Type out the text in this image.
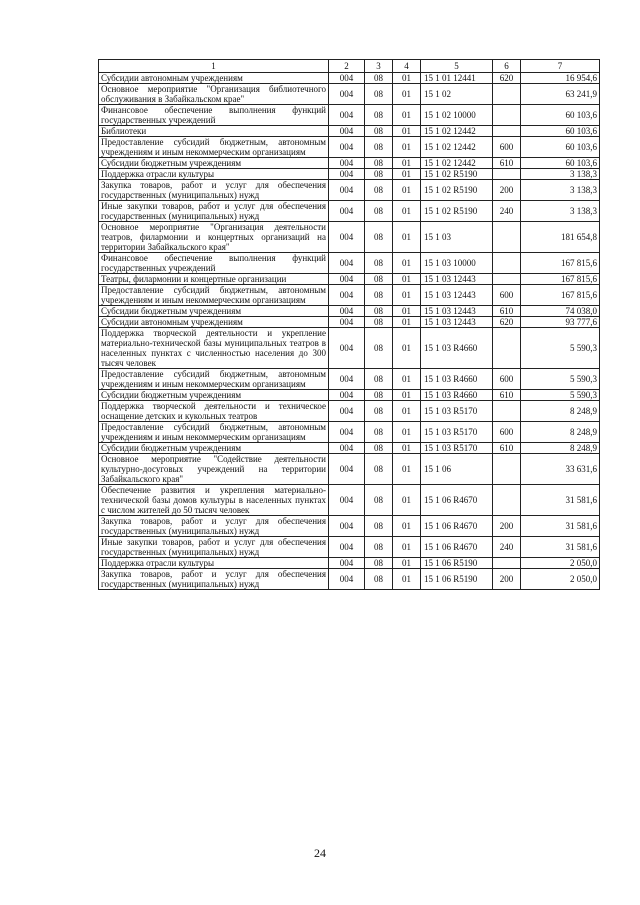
1	2	3	4	5	6	7
Субсидии автономным учреждениям	004	08	01	15 1 01 12441	620	16 954,6
Основное мероприятие "Организация библиотечного обслуживания в Забайкальском крае"	004	08	01	15 1 02		63 241,9
Финансовое обеспечение выполнения функций государственных учреждений	004	08	01	15 1 02 10000		60 103,6
Библиотеки	004	08	01	15 1 02 12442		60 103,6
Предоставление субсидий бюджетным, автономным учреждениям и иным некоммерческим организациям	004	08	01	15 1 02 12442	600	60 103,6
Субсидии бюджетным учреждениям	004	08	01	15 1 02 12442	610	60 103,6
Поддержка отрасли культуры	004	08	01	15 1 02 R5190		3 138,3
Закупка товаров, работ и услуг для обеспечения государственных (муниципальных) нужд	004	08	01	15 1 02 R5190	200	3 138,3
Иные закупки товаров, работ и услуг для обеспечения государственных (муниципальных) нужд	004	08	01	15 1 02 R5190	240	3 138,3
Основное мероприятие "Организация деятельности театров, филармонии и концертных организаций на территории Забайкальского края"	004	08	01	15 1 03		181 654,8
Финансовое обеспечение выполнения функций государственных учреждений	004	08	01	15 1 03 10000		167 815,6
Театры, филармонии и концертные организации	004	08	01	15 1 03 12443		167 815,6
Предоставление субсидий бюджетным, автономным учреждениям и иным некоммерческим организациям	004	08	01	15 1 03 12443	600	167 815,6
Субсидии бюджетным учреждениям	004	08	01	15 1 03 12443	610	74 038,0
Субсидии автономным учреждениям	004	08	01	15 1 03 12443	620	93 777,6
Поддержка творческой деятельности и укрепление материально-технической базы муниципальных театров в населенных пунктах с численностью населения до 300 тысяч человек	004	08	01	15 1 03 R4660		5 590,3
Предоставление субсидий бюджетным, автономным учреждениям и иным некоммерческим организациям	004	08	01	15 1 03 R4660	600	5 590,3
Субсидии бюджетным учреждениям	004	08	01	15 1 03 R4660	610	5 590,3
Поддержка творческой деятельности и техническое оснащение детских и кукольных театров	004	08	01	15 1 03 R5170		8 248,9
Предоставление субсидий бюджетным, автономным учреждениям и иным некоммерческим организациям	004	08	01	15 1 03 R5170	600	8 248,9
Субсидии бюджетным учреждениям	004	08	01	15 1 03 R5170	610	8 248,9
Основное мероприятие "Содействие деятельности культурно-досуговых учреждений на территории Забайкальского края"	004	08	01	15 1 06		33 631,6
Обеспечение развития и укрепления материально-технической базы домов культуры в населенных пунктах с числом жителей до 50 тысяч человек	004	08	01	15 1 06 R4670		31 581,6
Закупка товаров, работ и услуг для обеспечения государственных (муниципальных) нужд	004	08	01	15 1 06 R4670	200	31 581,6
Иные закупки товаров, работ и услуг для обеспечения государственных (муниципальных) нужд	004	08	01	15 1 06 R4670	240	31 581,6
Поддержка отрасли культуры	004	08	01	15 1 06 R5190		2 050,0
Закупка товаров, работ и услуг для обеспечения государственных (муниципальных) нужд	004	08	01	15 1 06 R5190	200	2 050,0
24
